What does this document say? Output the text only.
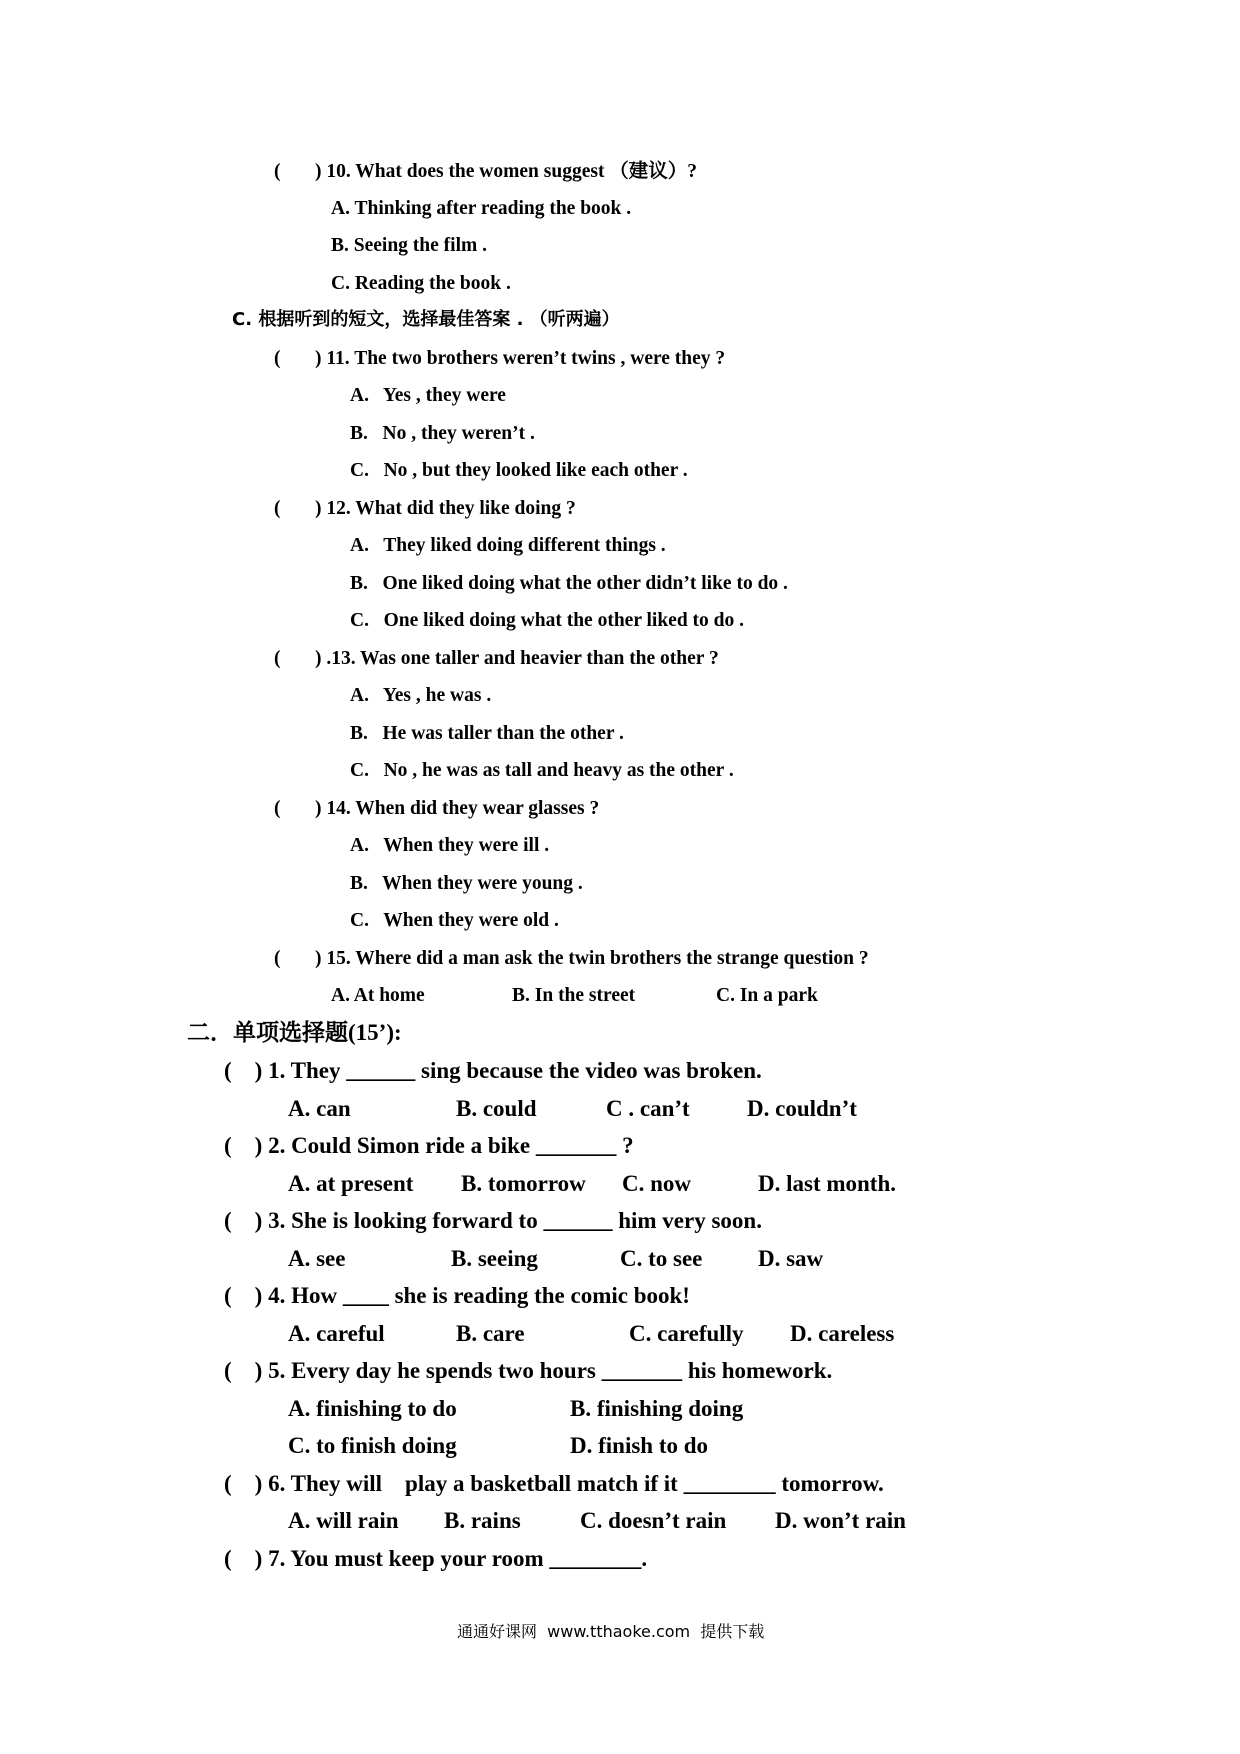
( ) 10. What does the women suggest （建议）?
A. Thinking after reading the book .
B. Seeing the film .
C. Reading the book .
C. 根据听到的短文，选择最佳答案 . （听两遍）
( ) 11. The two brothers weren’t twins , were they ?
A.   Yes , they were
B.   No , they weren’t .
C.   No , but they looked like each other .
( ) 12. What did they like doing ?
A.   They liked doing different things .
B.   One liked doing what the other didn’t like to do .
C.   One liked doing what the other liked to do .
( ) .13. Was one taller and heavier than the other ?
A.   Yes , he was .
B.   He was taller than the other .
C.   No , he was as tall and heavy as the other .
( ) 14. When did they wear glasses ?
A.   When they were ill .
B.   When they were young .
C.   When they were old .
( ) 15. Where did a man ask the twin brothers the strange question ?
A. At home	B. In the street	C. In a park
二．单项选择题(15’):
(    ) 1. They ______ sing because the video was broken.
A. can	B. could	C . can’t D. couldn’t
(    ) 2. Could Simon ride a bike _______ ?
A. at present B. tomorrow C. now	D. last month.
(    ) 3. She is looking forward to ______ him very soon.
A. see	B. seeing	C. to see D. saw
(    ) 4. How ____ she is reading the comic book!
A. careful	B. care	C. carefully D. careless
(    ) 5. Every day he spends two hours _______ his homework.
A. finishing to do	B. finishing doing
C. to finish doing	D. finish to do
(    ) 6. They will    play a basketball match if it ________ tomorrow.
A. will rain B. rains	C. doesn’t rain D. won’t rain
(    ) 7. You must keep your room ________.
通通好课网  www.tthaoke.com  提供下载
